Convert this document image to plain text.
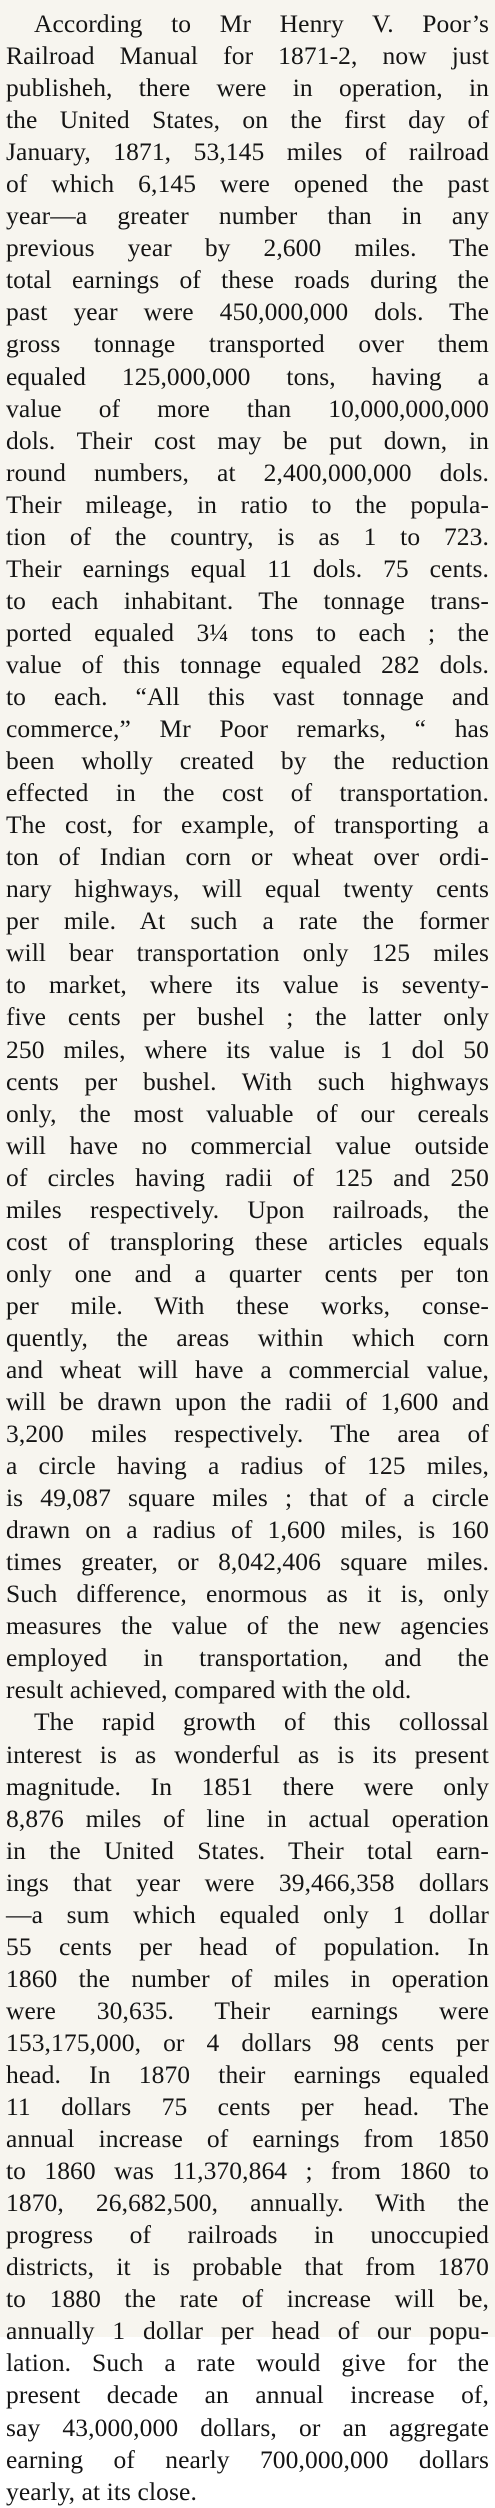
According to Mr Henry V. Poor’s
Railroad Manual for 1871-2, now just
publisheh, there were in operation, in
the United States, on the first day of
January, 1871, 53,145 miles of railroad
of which 6,145 were opened the past
year—a greater number than in any
previous year by 2,600 miles. The
total earnings of these roads during the
past year were 450,000,000 dols. The
gross tonnage transported over them
equaled 125,000,000 tons, having a
value of more than 10,000,000,000
dols. Their cost may be put down, in
round numbers, at 2,400,000,000 dols.
Their mileage, in ratio to the popula-
tion of the country, is as 1 to 723.
Their earnings equal 11 dols. 75 cents.
to each inhabitant. The tonnage trans-
ported equaled 3¼ tons to each ; the
value of this tonnage equaled 282 dols.
to each. “All this vast tonnage and
commerce,” Mr Poor remarks, “ has
been wholly created by the reduction
effected in the cost of transportation.
The cost, for example, of transporting a
ton of Indian corn or wheat over ordi-
nary highways, will equal twenty cents
per mile. At such a rate the former
will bear transportation only 125 miles
to market, where its value is seventy-
five cents per bushel ; the latter only
250 miles, where its value is 1 dol 50
cents per bushel. With such highways
only, the most valuable of our cereals
will have no commercial value outside
of circles having radii of 125 and 250
miles respectively. Upon railroads, the
cost of transploring these articles equals
only one and a quarter cents per ton
per mile. With these works, conse-
quently, the areas within which corn
and wheat will have a commercial value,
will be drawn upon the radii of 1,600 and
3,200 miles respectively. The area of
a circle having a radius of 125 miles,
is 49,087 square miles ; that of a circle
drawn on a radius of 1,600 miles, is 160
times greater, or 8,042,406 square miles.
Such difference, enormous as it is, only
measures the value of the new agencies
employed in transportation, and the
result achieved, compared with the old.
The rapid growth of this collossal
interest is as wonderful as is its present
magnitude. In 1851 there were only
8,876 miles of line in actual operation
in the United States. Their total earn-
ings that year were 39,466,358 dollars
—a sum which equaled only 1 dollar
55 cents per head of population. In
1860 the number of miles in operation
were 30,635. Their earnings were
153,175,000, or 4 dollars 98 cents per
head. In 1870 their earnings equaled
11 dollars 75 cents per head. The
annual increase of earnings from 1850
to 1860 was 11,370,864 ; from 1860 to
1870, 26,682,500, annually. With the
progress of railroads in unoccupied
districts, it is probable that from 1870
to 1880 the rate of increase will be,
annually 1 dollar per head of our popu-
lation. Such a rate would give for the
present decade an annual increase of,
say 43,000,000 dollars, or an aggregate
earning of nearly 700,000,000 dollars
yearly, at its close.
